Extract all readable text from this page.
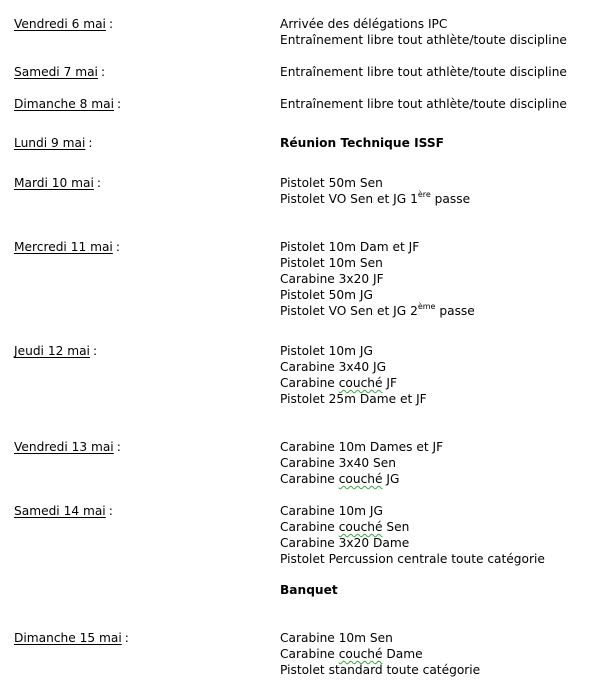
Vendredi 6 mai :	Arrivée des délégations IPC
Entraînement libre tout athlète/toute discipline
Samedi 7 mai :	Entraînement libre tout athlète/toute discipline
Dimanche 8 mai :	Entraînement libre tout athlète/toute discipline
Lundi 9 mai :	Réunion Technique ISSF
Mardi 10 mai :	Pistolet 50m Sen
Pistolet VO Sen et JG 1ère passe
Mercredi 11 mai :	Pistolet 10m Dam et JF
Pistolet 10m Sen
Carabine 3x20 JF
Pistolet 50m JG
Pistolet VO Sen et JG 2ème passe
Jeudi 12 mai :	Pistolet 10m JG
Carabine 3x40 JG
Carabine couché JF
Pistolet 25m Dame et JF
Vendredi 13 mai :	Carabine 10m Dames et JF
Carabine 3x40 Sen
Carabine couché JG
Samedi 14 mai :	Carabine 10m JG
Carabine couché Sen
Carabine 3x20 Dame
Pistolet Percussion centrale toute catégorie
Banquet
Dimanche 15 mai :	Carabine 10m Sen
Carabine couché Dame
Pistolet standard toute catégorie
